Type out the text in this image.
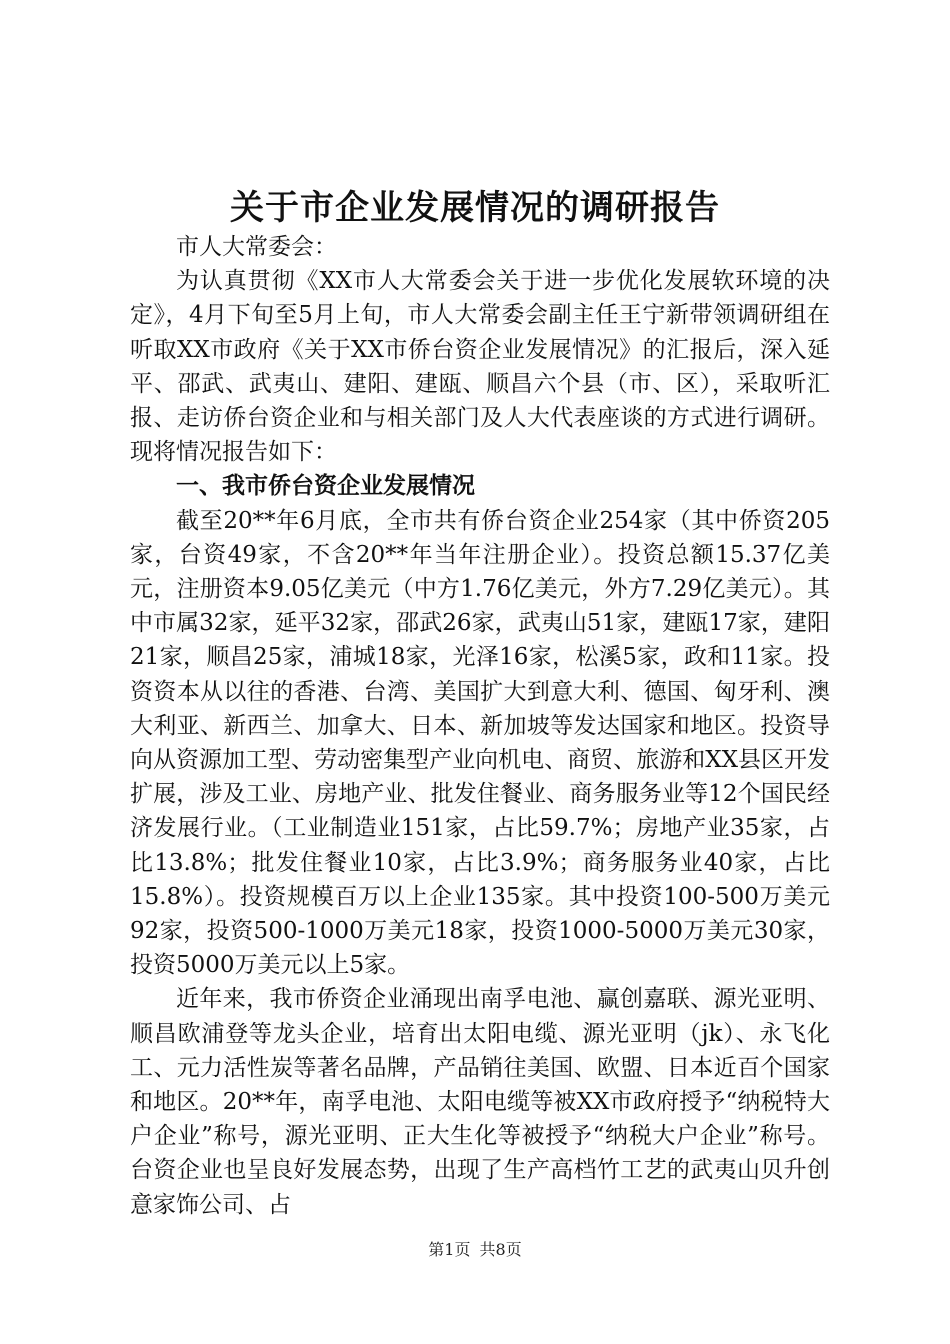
关于市企业发展情况的调研报告

市人大常委会：

为认真贯彻《XX市人大常委会关于进一步优化发展软环境的决定》，4月下旬至5月上旬，市人大常委会副主任王宁新带领调研组在听取XX市政府《关于XX市侨台资企业发展情况》的汇报后，深入延平、邵武、武夷山、建阳、建瓯、顺昌六个县（市、区），采取听汇报、走访侨台资企业和与相关部门及人大代表座谈的方式进行调研。现将情况报告如下：

一、我市侨台资企业发展情况

截至20**年6月底，全市共有侨台资企业254家（其中侨资205家，台资49家，不含20**年当年注册企业）。投资总额15.37亿美元，注册资本9.05亿美元（中方1.76亿美元，外方7.29亿美元）。其中市属32家，延平32家，邵武26家，武夷山51家，建瓯17家，建阳21家，顺昌25家，浦城18家，光泽16家，松溪5家，政和11家。投资资本从以往的香港、台湾、美国扩大到意大利、德国、匈牙利、澳大利亚、新西兰、加拿大、日本、新加坡等发达国家和地区。投资导向从资源加工型、劳动密集型产业向机电、商贸、旅游和XX县区开发扩展，涉及工业、房地产业、批发住餐业、商务服务业等12个国民经济发展行业。（工业制造业151家，占比59.7%；房地产业35家，占比13.8%；批发住餐业10家，占比3.9%；商务服务业40家，占比15.8%）。投资规模百万以上企业135家。其中投资100-500万美元92家，投资500-1000万美元18家，投资1000-5000万美元30家，投资5000万美元以上5家。

近年来，我市侨资企业涌现出南孚电池、赢创嘉联、源光亚明、顺昌欧浦登等龙头企业，培育出太阳电缆、源光亚明（jk）、永飞化工、元力活性炭等著名品牌，产品销往美国、欧盟、日本近百个国家和地区。20**年，南孚电池、太阳电缆等被XX市政府授予“纳税特大户企业”称号，源光亚明、正大生化等被授予“纳税大户企业”称号。台资企业也呈良好发展态势，出现了生产高档竹工艺的武夷山贝升创意家饰公司、占

第1页 共8页
